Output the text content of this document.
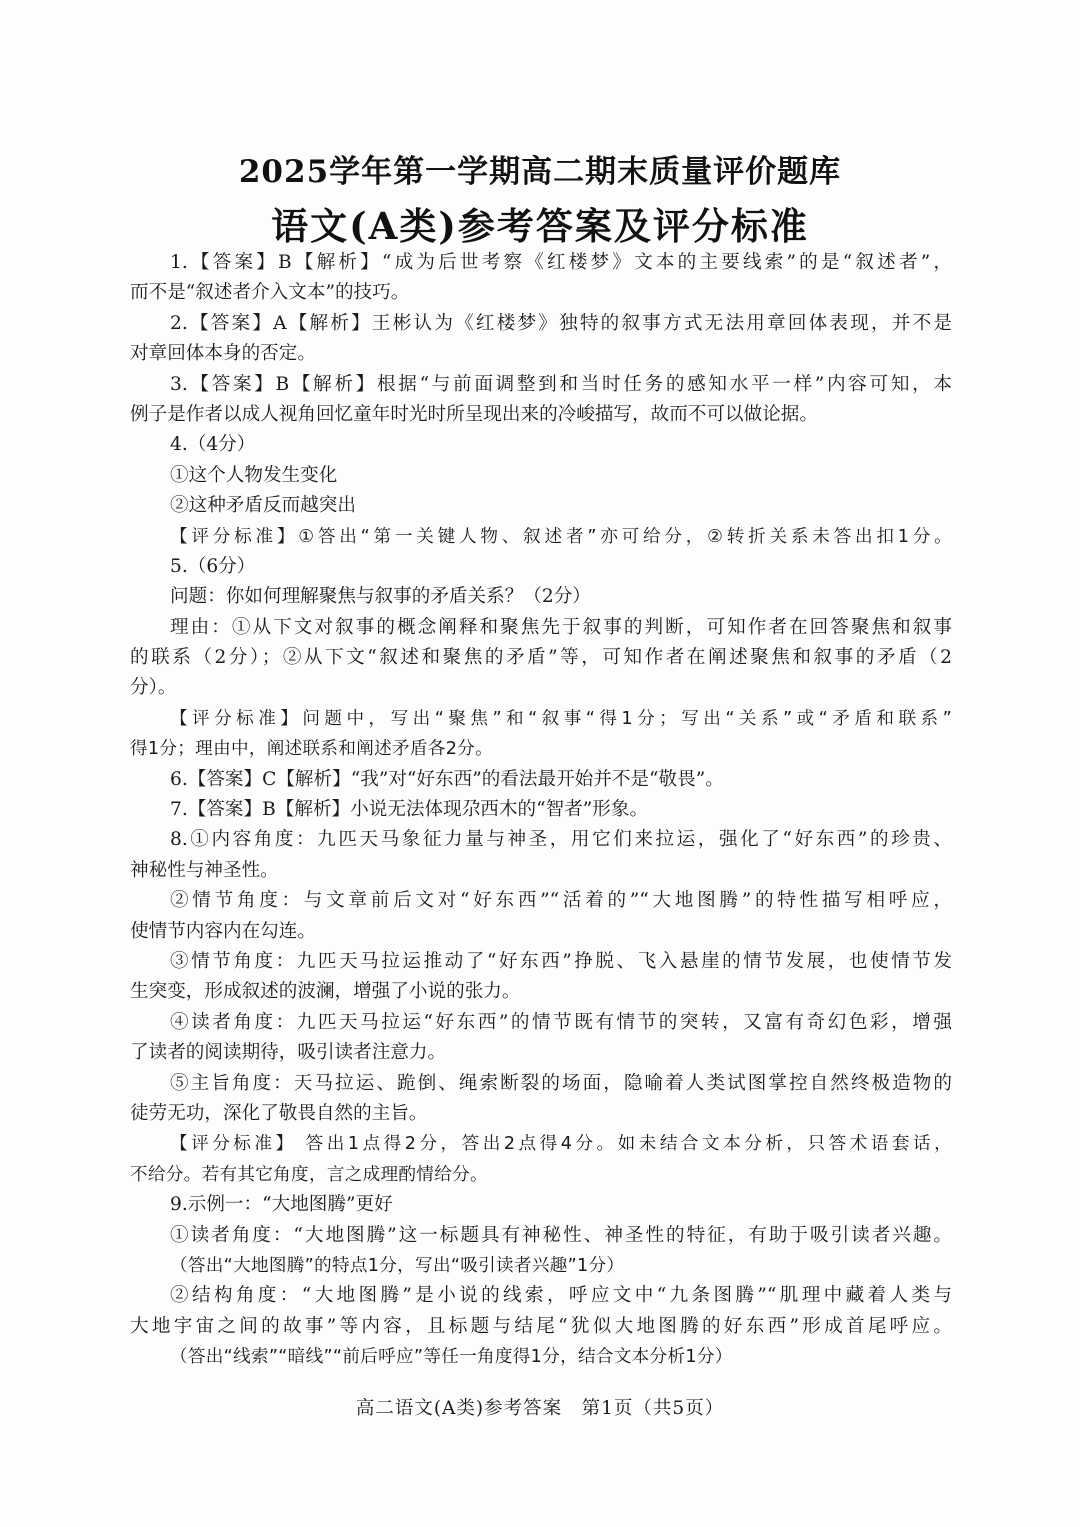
2025学年第一学期高二期末质量评价题库
语文(A类)参考答案及评分标准
1.【答案】B【解析】“成为后世考察《红楼梦》文本的主要线索”的是“叙述者”，
而不是“叙述者介入文本”的技巧。
2.【答案】A【解析】王彬认为《红楼梦》独特的叙事方式无法用章回体表现，并不是
对章回体本身的否定。
3.【答案】B【解析】根据“与前面调整到和当时任务的感知水平一样”内容可知，本
例子是作者以成人视角回忆童年时光时所呈现出来的冷峻描写，故而不可以做论据。
4.（4分）
①这个人物发生变化
②这种矛盾反而越突出
【评分标准】①答出“第一关键人物、叙述者”亦可给分，②转折关系未答出扣1分。
5.（6分）
问题：你如何理解聚焦与叙事的矛盾关系？（2分）
理由：①从下文对叙事的概念阐释和聚焦先于叙事的判断，可知作者在回答聚焦和叙事
的联系（2分）；②从下文“叙述和聚焦的矛盾”等，可知作者在阐述聚焦和叙事的矛盾（2
分）。
【评分标准】问题中，写出“聚焦”和“叙事“得1分；写出“关系”或“矛盾和联系”
得1分；理由中，阐述联系和阐述矛盾各2分。
6.【答案】C【解析】“我”对“好东西”的看法最开始并不是“敬畏”。
7.【答案】B【解析】小说无法体现尕西木的“智者”形象。
8.①内容角度：九匹天马象征力量与神圣，用它们来拉运，强化了“好东西”的珍贵、
神秘性与神圣性。
②情节角度：与文章前后文对“好东西”“活着的”“大地图腾”的特性描写相呼应，
使情节内容内在勾连。
③情节角度：九匹天马拉运推动了“好东西”挣脱、飞入悬崖的情节发展，也使情节发
生突变，形成叙述的波澜，增强了小说的张力。
④读者角度：九匹天马拉运“好东西”的情节既有情节的突转，又富有奇幻色彩，增强
了读者的阅读期待，吸引读者注意力。
⑤主旨角度：天马拉运、跪倒、绳索断裂的场面，隐喻着人类试图掌控自然终极造物的
徒劳无功，深化了敬畏自然的主旨。
【评分标准】 答出1点得2分，答出2点得4分。如未结合文本分析，只答术语套话，
不给分。若有其它角度，言之成理酌情给分。
9.示例一：“大地图腾”更好
①读者角度：“大地图腾”这一标题具有神秘性、神圣性的特征，有助于吸引读者兴趣。
（答出“大地图腾”的特点1分，写出“吸引读者兴趣”1分）
②结构角度：“大地图腾”是小说的线索，呼应文中“九条图腾”“肌理中藏着人类与
大地宇宙之间的故事”等内容，且标题与结尾“犹似大地图腾的好东西”形成首尾呼应。
（答出“线索”“暗线”“前后呼应”等任一角度得1分，结合文本分析1分）
高二语文(A类)参考答案　第1页（共5页）
